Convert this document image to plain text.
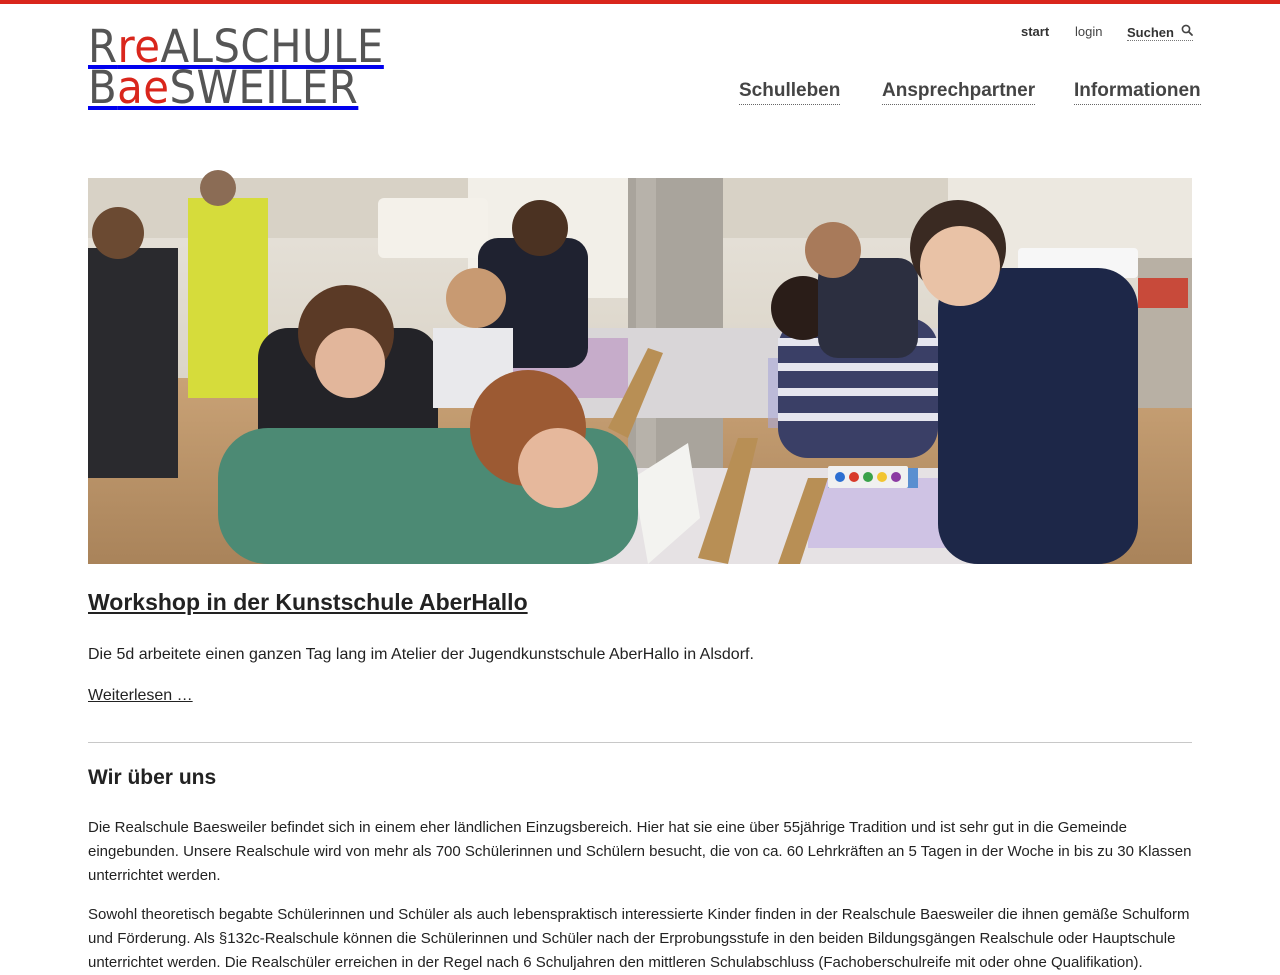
RreALSCHULE
BaeSWEILER
start login
Suchen
Schulleben Ansprechpartner Informationen
Workshop in der Kunstschule AberHallo

Die 5d arbeitete einen ganzen Tag lang im Atelier der Jugendkunstschule AberHallo in Alsdorf.

Weiterlesen …
Wir über uns

Die Realschule Baesweiler befindet sich in einem eher ländlichen Einzugsbereich. Hier hat sie eine über 55jährige Tradition und ist sehr gut in die Gemeinde eingebunden. Unsere Realschule wird von mehr als 700 Schülerinnen und Schülern besucht, die von ca. 60 Lehrkräften an 5 Tagen in der Woche in bis zu 30 Klassen unterrichtet werden.

Sowohl theoretisch begabte Schülerinnen und Schüler als auch lebenspraktisch interessierte Kinder finden in der Realschule Baesweiler die ihnen gemäße Schulform und Förderung. Als §132c-Realschule können die Schülerinnen und Schüler nach der Erprobungsstufe in den beiden Bildungsgängen Realschule oder Hauptschule unterrichtet werden. Die Realschüler erreichen in der Regel nach 6 Schuljahren den mittleren Schulabschluss (Fachoberschulreife mit oder ohne Qualifikation).
